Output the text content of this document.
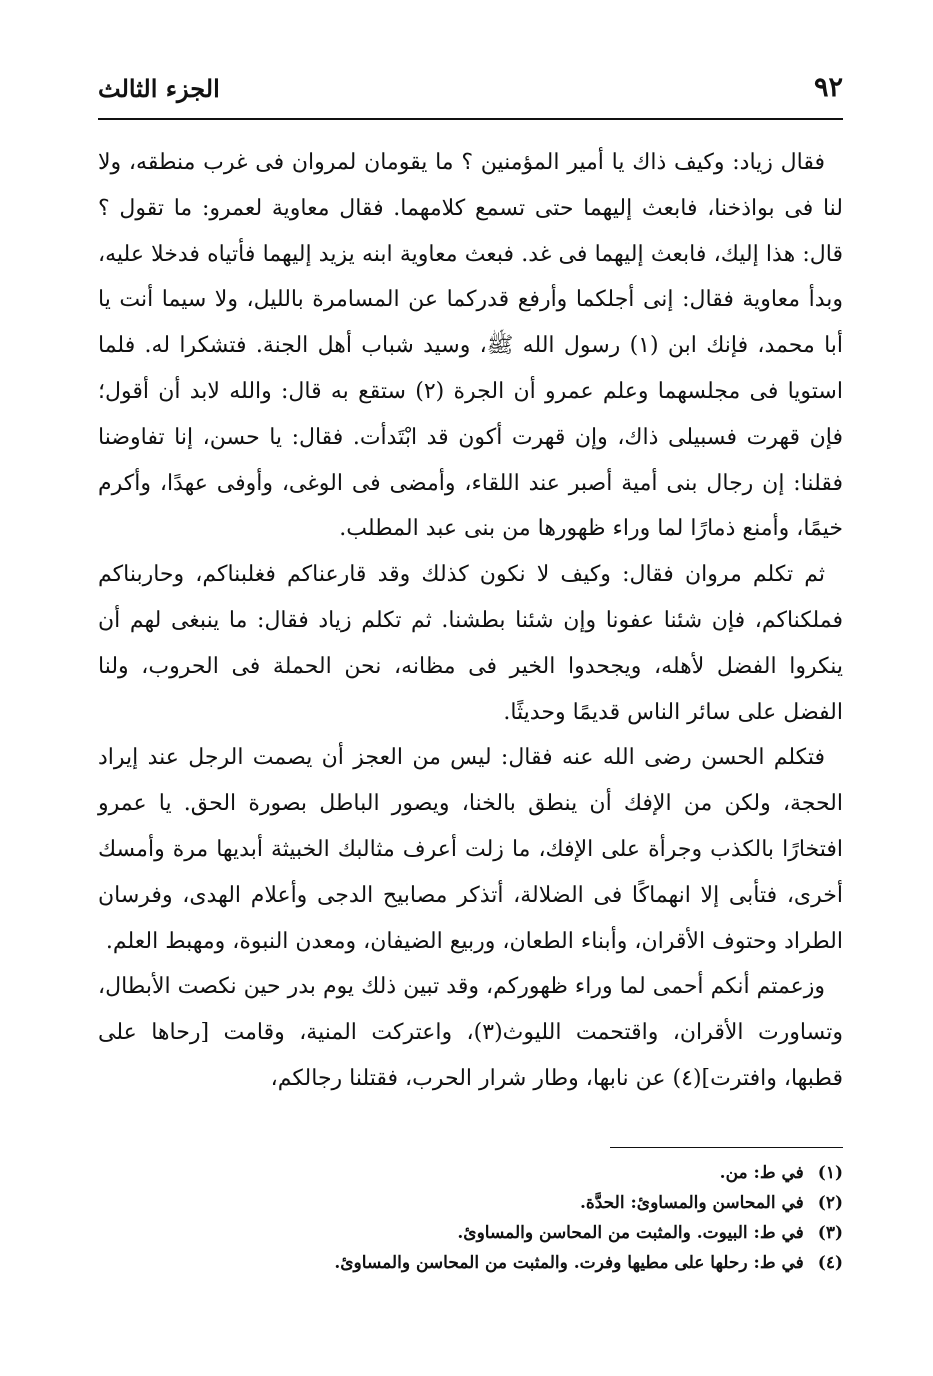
٩٢
الجزء الثالث

فقال زياد: وكيف ذاك يا أمير المؤمنين ؟ ما يقومان لمروان فى غرب منطقه، ولا لنا فى بواذخنا، فابعث إليهما حتى تسمع كلامهما. فقال معاوية لعمرو: ما تقول ؟ قال: هذا إليك، فابعث إليهما فى غد. فبعث معاوية ابنه يزيد إليهما فأتياه فدخلا عليه، وبدأ معاوية فقال: إنى أجلكما وأرفع قدركما عن المسامرة بالليل، ولا سيما أنت يا أبا محمد، فإنك ابن (١) رسول الله ﷺ، وسيد شباب أهل الجنة. فتشكرا له. فلما استويا فى مجلسهما وعلم عمرو أن الجرة (٢) ستقع به قال: والله لابد أن أقول؛ فإن قهرت فسبيلى ذاك، وإن قهرت أكون قد ابْتَدأت. فقال: يا حسن، إنا تفاوضنا فقلنا: إن رجال بنى أمية أصبر عند اللقاء، وأمضى فى الوغى، وأوفى عهدًا، وأكرم خيمًا، وأمنع ذمارًا لما وراء ظهورها من بنى عبد المطلب.

ثم تكلم مروان فقال: وكيف لا نكون كذلك وقد قارعناكم فغلبناكم، وحاربناكم فملكناكم، فإن شئنا عفونا وإن شئنا بطشنا. ثم تكلم زياد فقال: ما ينبغى لهم أن ينكروا الفضل لأهله، ويجحدوا الخير فى مظانه، نحن الحملة فى الحروب، ولنا الفضل على سائر الناس قديمًا وحديثًا.

فتكلم الحسن رضى الله عنه فقال: ليس من العجز أن يصمت الرجل عند إيراد الحجة، ولكن من الإفك أن ينطق بالخنا، ويصور الباطل بصورة الحق. يا عمرو افتخارًا بالكذب وجرأة على الإفك، ما زلت أعرف مثالبك الخبيثة أبديها مرة وأمسك أخرى، فتأبى إلا انهماكًا فى الضلالة، أتذكر مصابيح الدجى وأعلام الهدى، وفرسان الطراد وحتوف الأقران، وأبناء الطعان، وربيع الضيفان، ومعدن النبوة، ومهبط العلم.

وزعمتم أنكم أحمى لما وراء ظهوركم، وقد تبين ذلك يوم بدر حين نكصت الأبطال، وتساورت الأقران، واقتحمت الليوث(٣)، واعتركت المنية، وقامت [رحاها على قطبها، وافترت](٤) عن نابها، وطار شرار الحرب، فقتلنا رجالكم،

(١)
في ط: من.
(٢)
في المحاسن والمساوئ: الحدَّة.
(٣)
في ط: البيوت. والمثبت من المحاسن والمساوئ.
(٤)
في ط: رحلها على مطيها وفرت. والمثبت من المحاسن والمساوئ.
